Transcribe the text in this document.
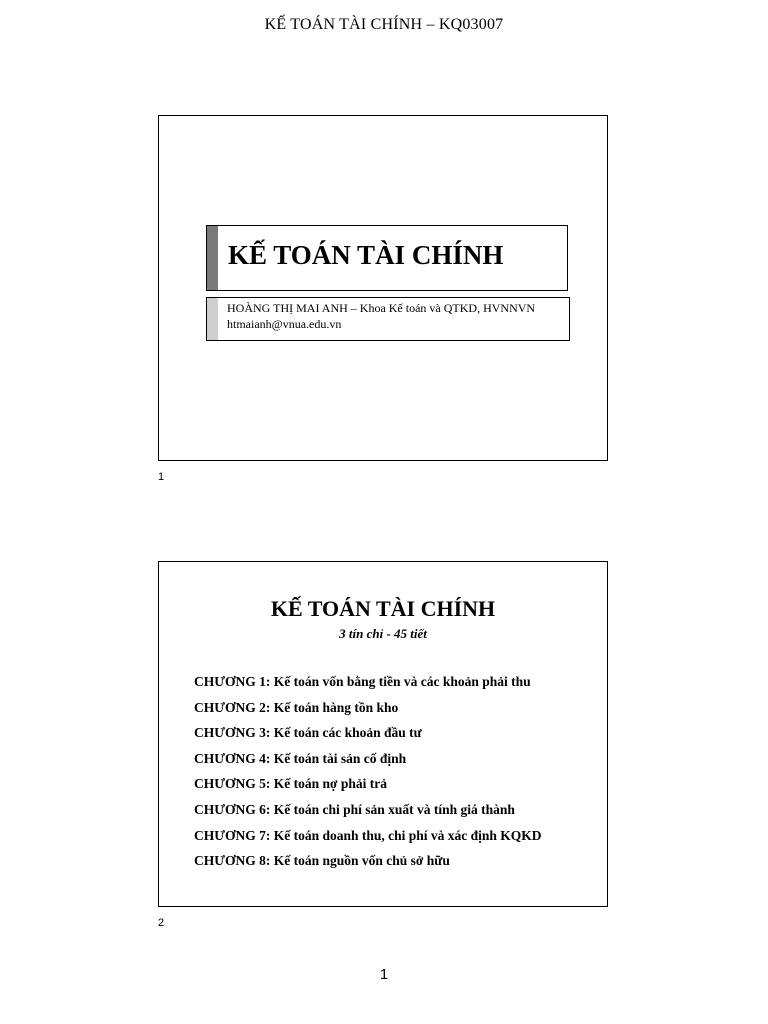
KẾ TOÁN TÀI CHÍNH – KQ03007
KẾ TOÁN TÀI CHÍNH
HOÀNG THỊ MAI ANH – Khoa Kế toán và QTKD, HVNNVN
htmaianh@vnua.edu.vn
1
KẾ TOÁN TÀI CHÍNH
3 tín chỉ - 45 tiết
CHƯƠNG 1: Kế toán vốn bằng tiền và các khoản phải thu
CHƯƠNG 2: Kế toán hàng tồn kho
CHƯƠNG 3: Kế toán các khoản đầu tư
CHƯƠNG 4: Kế toán tài sản cố định
CHƯƠNG 5: Kế toán nợ phải trả
CHƯƠNG 6: Kế toán chi phí sản xuất và tính giá thành
CHƯƠNG 7: Kế toán doanh thu, chi phí và xác định KQKD
CHƯƠNG 8: Kế toán nguồn vốn chủ sở hữu
2
1
